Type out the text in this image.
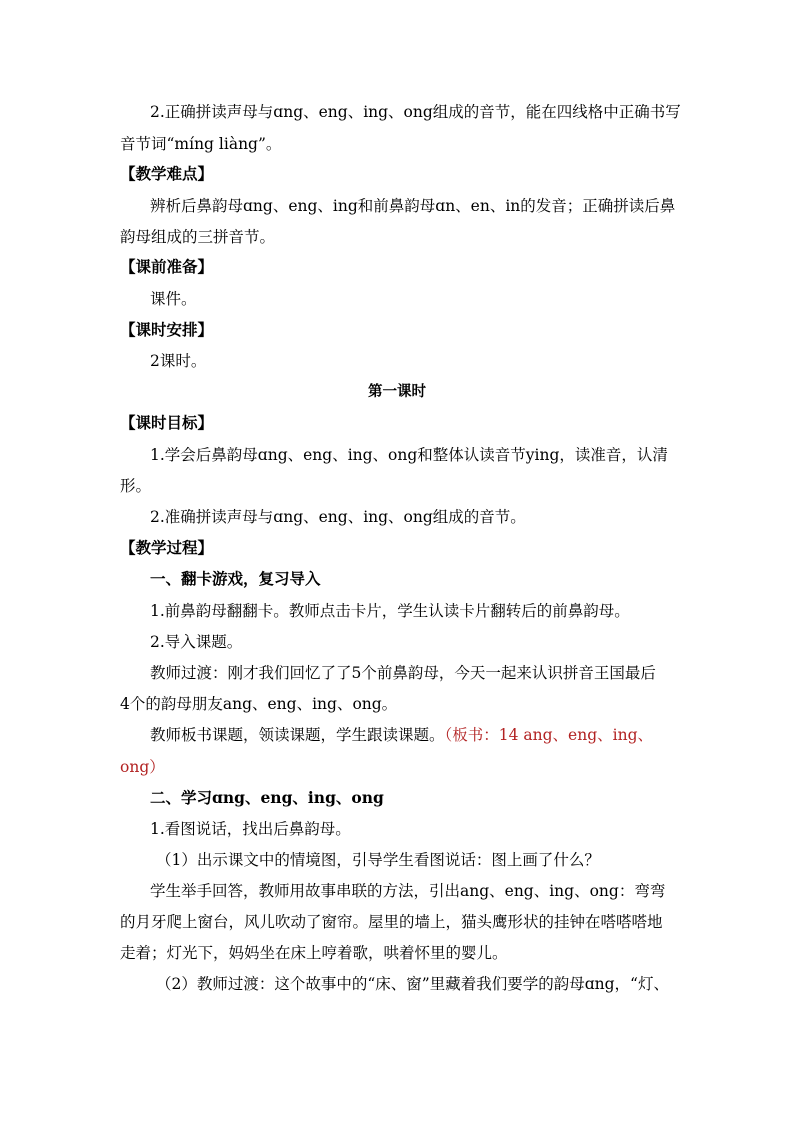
2.正确拼读声母与ɑng、eng、ing、ong组成的音节，能在四线格中正确书写
音节词“míng liàng”。
【教学难点】
辨析后鼻韵母ɑng、eng、ing和前鼻韵母ɑn、en、in的发音；正确拼读后鼻
韵母组成的三拼音节。
【课前准备】
课件。
【课时安排】
2课时。
第一课时
【课时目标】
1.学会后鼻韵母ɑng、eng、ing、ong和整体认读音节ying，读准音，认清
形。
2.准确拼读声母与ɑng、eng、ing、ong组成的音节。
【教学过程】
一、翻卡游戏，复习导入
1.前鼻韵母翻翻卡。教师点击卡片，学生认读卡片翻转后的前鼻韵母。
2.导入课题。
教师过渡：刚才我们回忆了了5个前鼻韵母，今天一起来认识拼音王国最后
4个的韵母朋友ang、eng、ing、ong。
教师板书课题，领读课题，学生跟读课题。（板书：14 ang、eng、ing、
ong）
二、学习ɑng、eng、ing、ong
1.看图说话，找出后鼻韵母。
（1）出示课文中的情境图，引导学生看图说话：图上画了什么？
学生举手回答，教师用故事串联的方法，引出ang、eng、ing、ong：弯弯
的月牙爬上窗台，风儿吹动了窗帘。屋里的墙上，猫头鹰形状的挂钟在嗒嗒嗒地
走着；灯光下，妈妈坐在床上哼着歌，哄着怀里的婴儿。
（2）教师过渡：这个故事中的“床、窗”里藏着我们要学的韵母ɑng，“灯、
